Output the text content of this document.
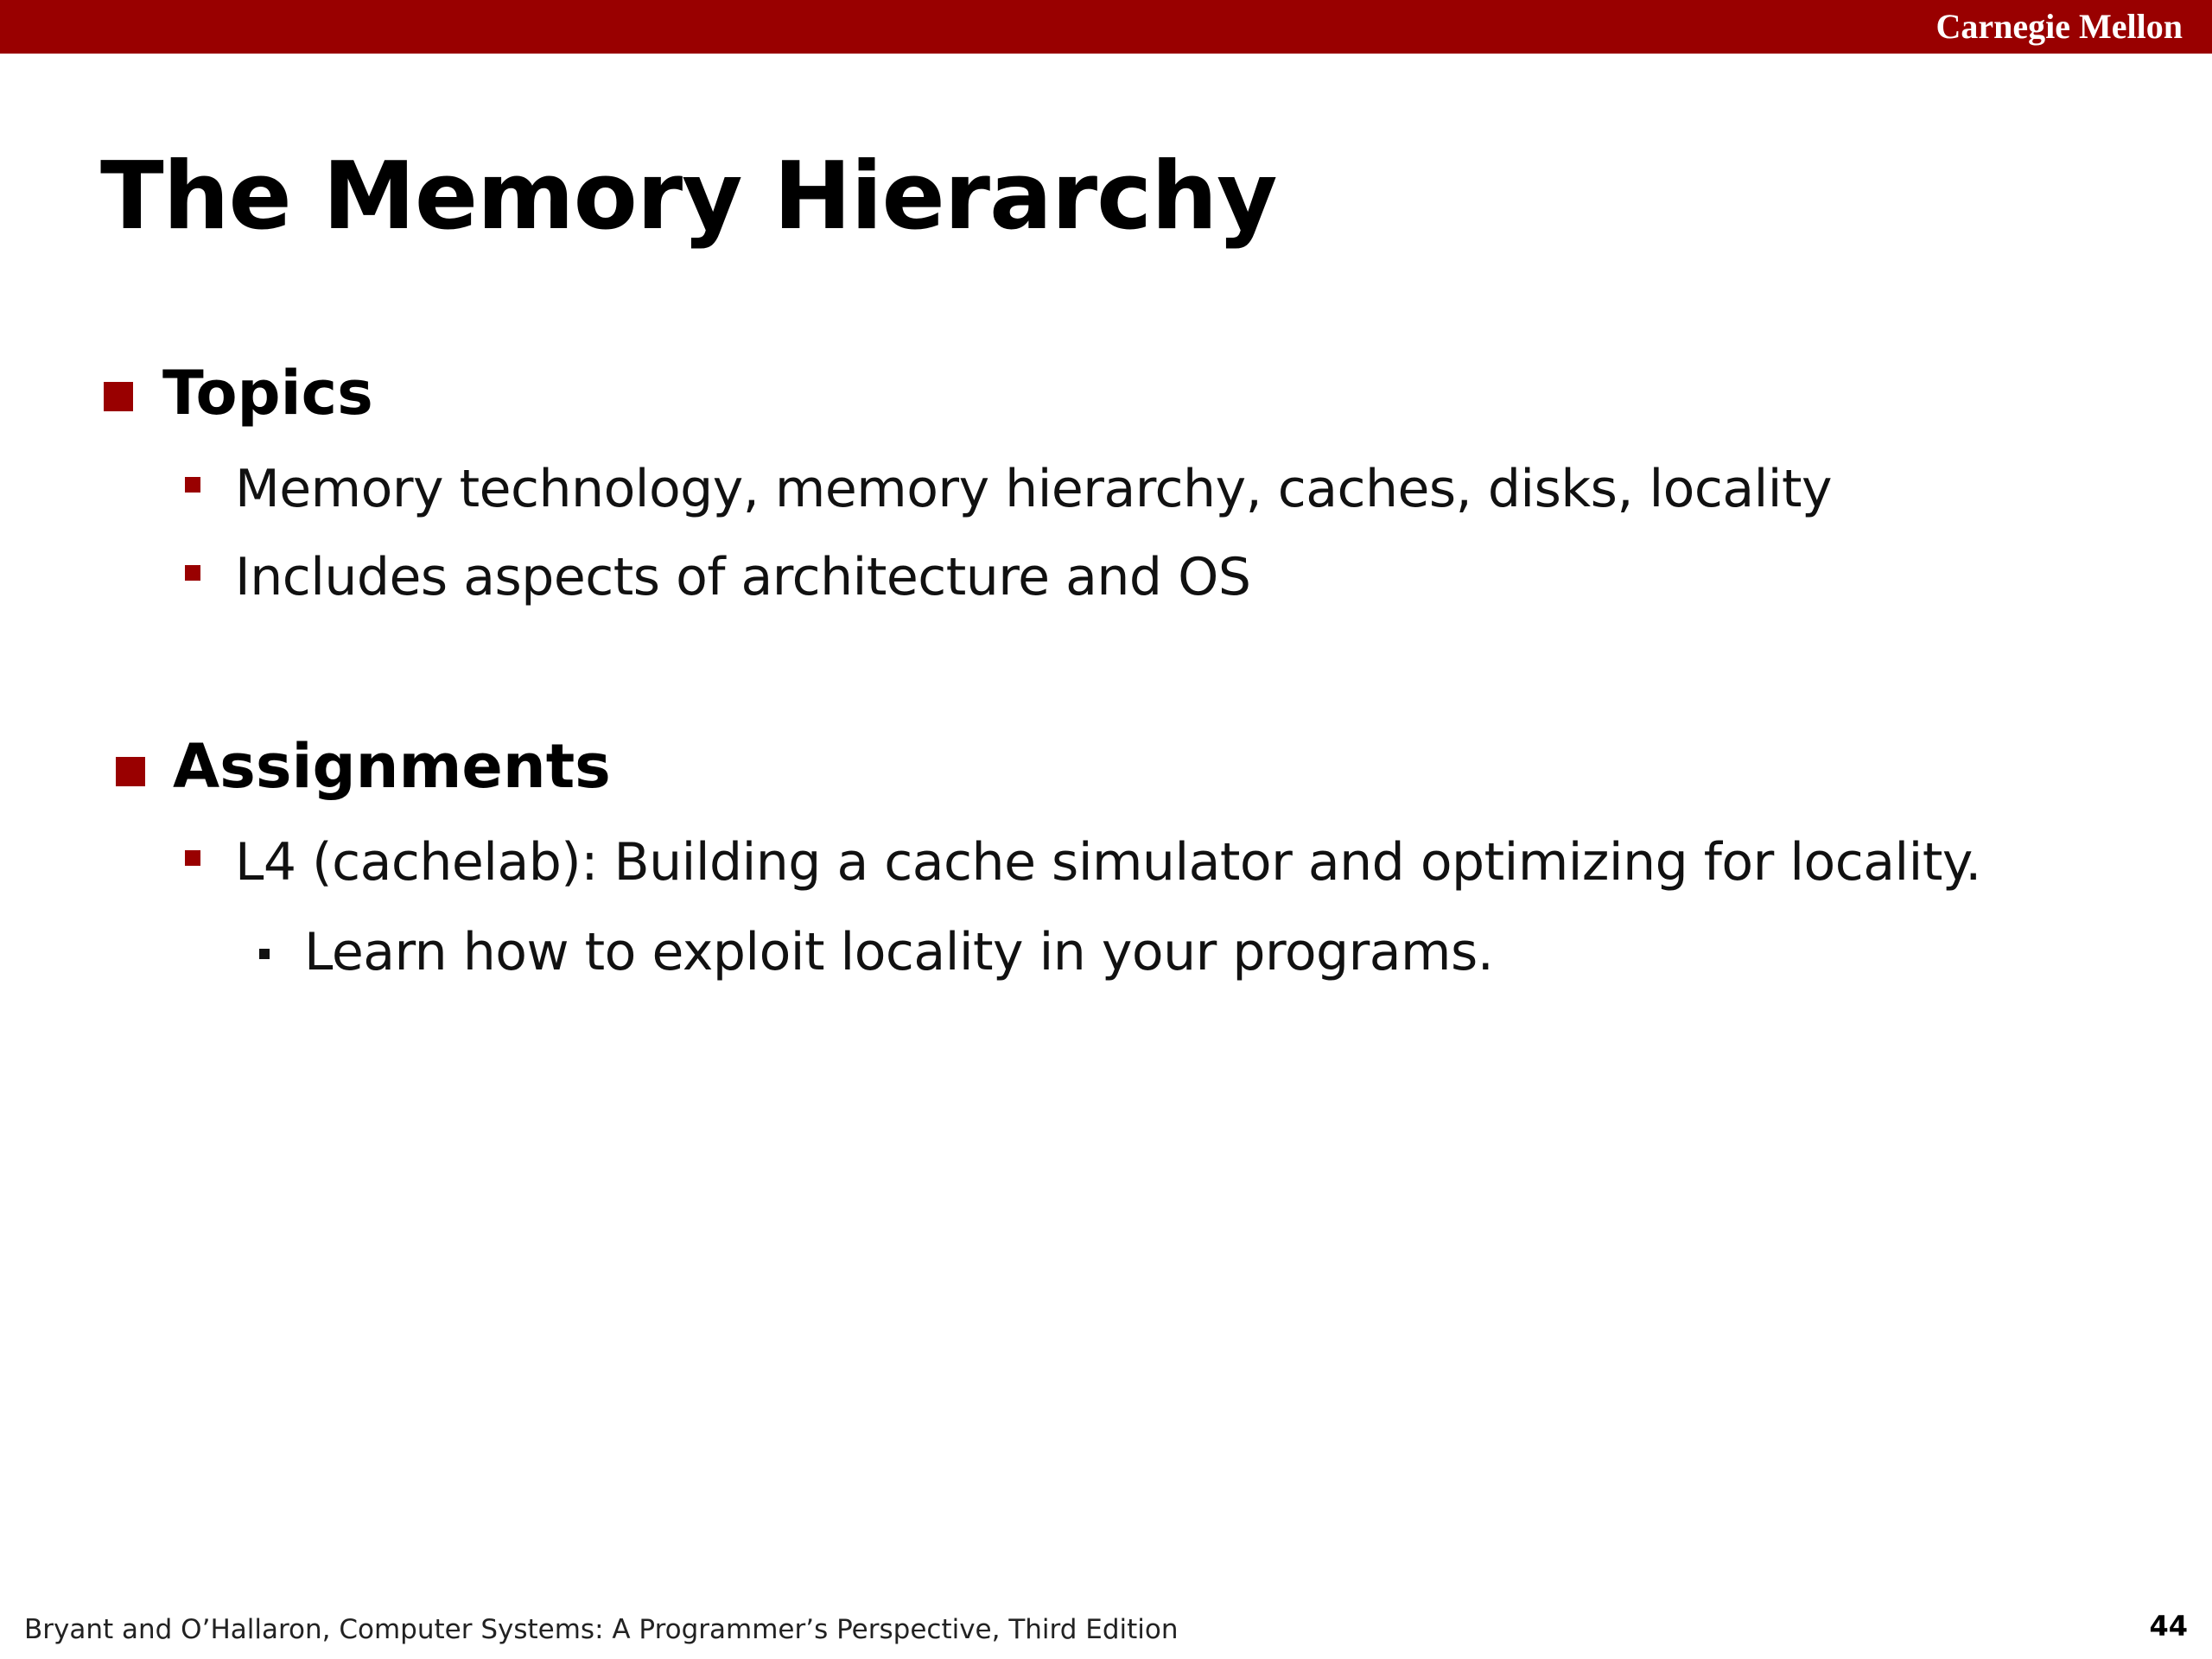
Carnegie Mellon
The Memory Hierarchy
Topics
Memory technology, memory hierarchy, caches, disks, locality
Includes aspects of architecture and OS
Assignments
L4 (cachelab): Building a cache simulator and optimizing for locality.
Learn how to exploit locality in your programs.
Bryant and O’Hallaron, Computer Systems: A Programmer’s Perspective, Third Edition	44
